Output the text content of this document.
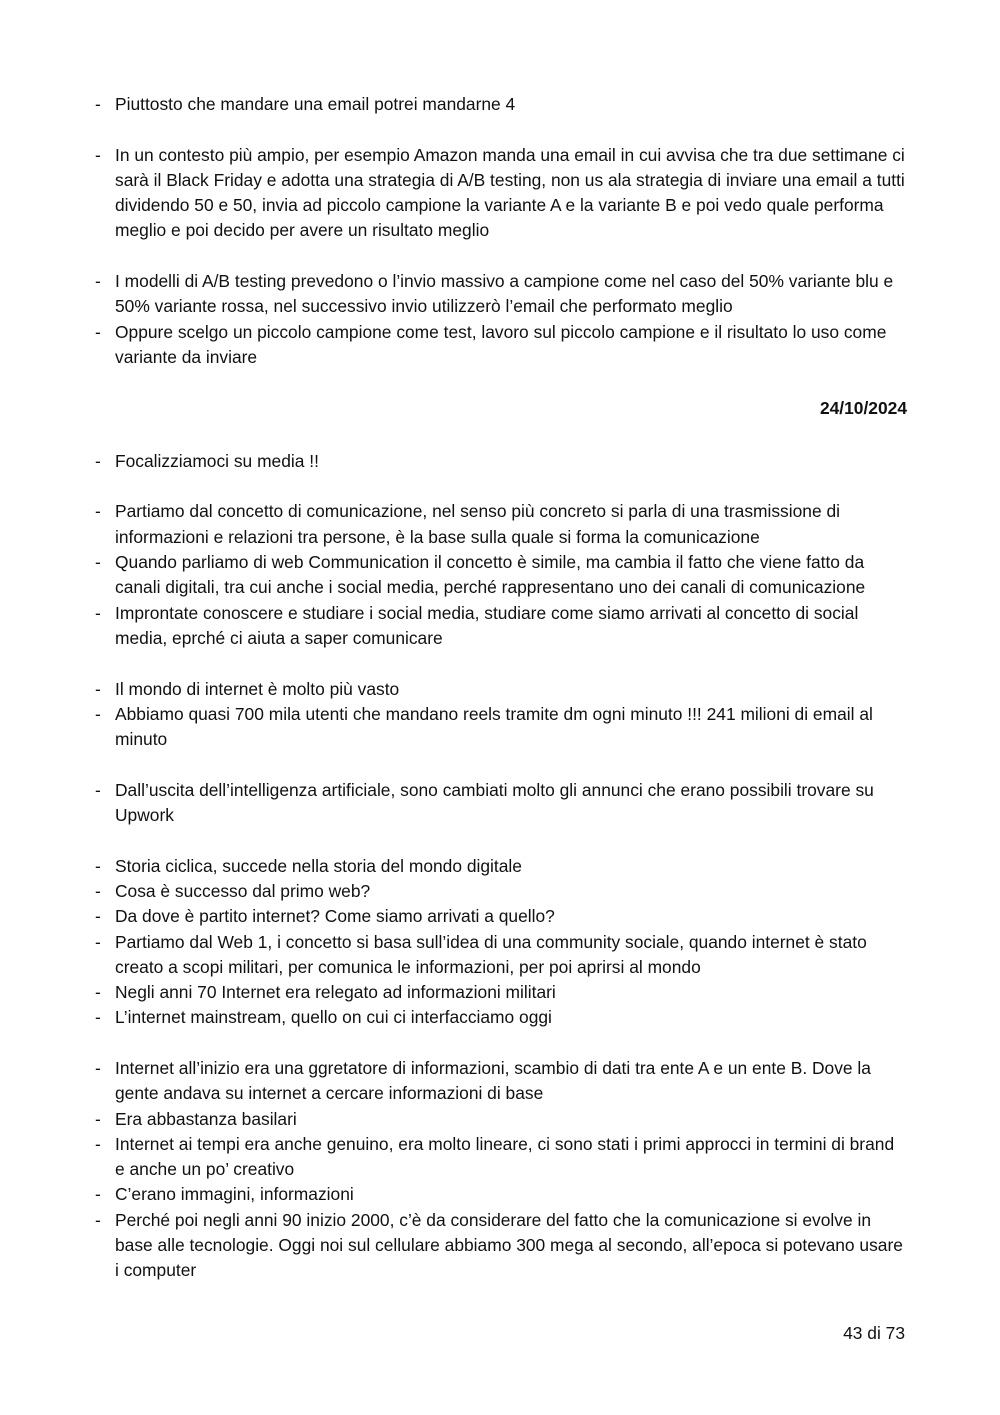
- Piuttosto che mandare una email potrei mandarne 4

- In un contesto più ampio, per esempio Amazon manda una email in cui avvisa che tra due settimane ci sarà il Black Friday e adotta una strategia di A/B testing, non us ala strategia di inviare una email a tutti dividendo 50 e 50, invia ad piccolo campione la variante A e la variante B e poi vedo quale performa meglio e poi decido per avere un risultato meglio

- I modelli di A/B testing prevedono o l’invio massivo a campione come nel caso del 50% variante blu e 50% variante rossa, nel successivo invio utilizzerò l’email che performato meglio

- Oppure scelgo un piccolo campione come test, lavoro sul piccolo campione e il risultato lo uso come variante da inviare

24/10/2024

- Focalizziamoci su media !!

- Partiamo dal concetto di comunicazione, nel senso più concreto si parla di una trasmissione di informazioni e relazioni tra persone, è la base sulla quale si forma la comunicazione

- Quando parliamo di web Communication il concetto è simile, ma cambia il fatto che viene fatto da canali digitali, tra cui anche i social media, perché rappresentano uno dei canali di comunicazione

- Improntate conoscere e studiare i social media, studiare come siamo arrivati al concetto di social media, eprché ci aiuta a saper comunicare

- Il mondo di internet è molto più vasto

- Abbiamo quasi 700 mila utenti che mandano reels tramite dm ogni minuto !!! 241 milioni di email al minuto

- Dall’uscita dell’intelligenza artificiale, sono cambiati molto gli annunci che erano possibili trovare su Upwork

- Storia ciclica, succede nella storia del mondo digitale

- Cosa è successo dal primo web?

- Da dove è partito internet? Come siamo arrivati a quello?

- Partiamo dal Web 1, i concetto si basa sull’idea di una community sociale, quando internet è stato creato a scopi militari, per comunica le informazioni, per poi aprirsi al mondo

- Negli anni 70 Internet era relegato ad informazioni militari

- L’internet mainstream, quello on cui ci interfacciamo oggi

- Internet all’inizio era una ggretatore di informazioni, scambio di dati tra ente A e un ente B. Dove la gente andava su internet a cercare informazioni di base

- Era abbastanza basilari

- Internet ai tempi era anche genuino, era molto lineare, ci sono stati i primi approcci in termini di brand e anche un po’ creativo

- C’erano immagini, informazioni

- Perché poi negli anni 90 inizio 2000, c’è da considerare del fatto che la comunicazione si evolve in base alle tecnologie. Oggi noi sul cellulare abbiamo 300 mega al secondo, all’epoca si potevano usare i computer

43 di 73
